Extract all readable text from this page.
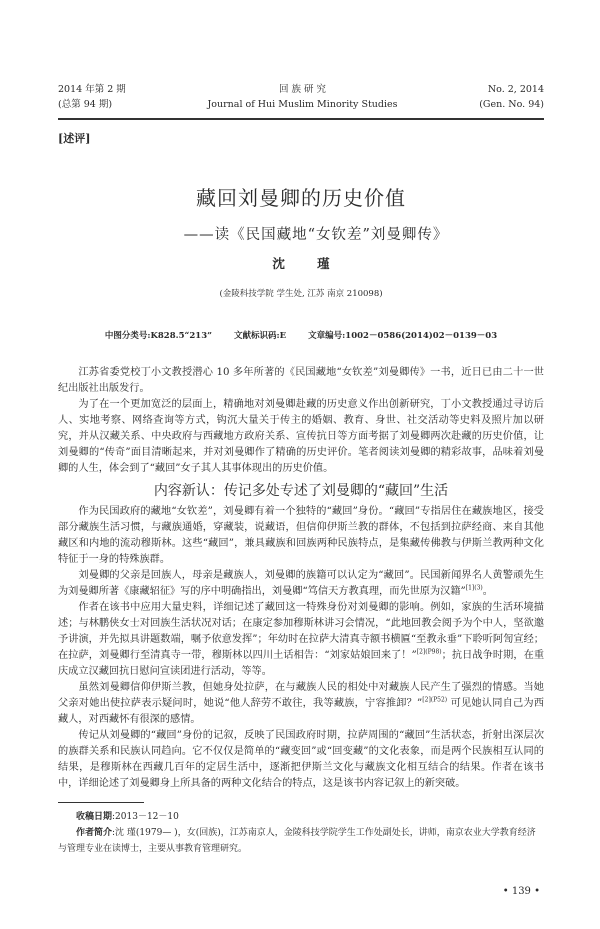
2014 年第 2 期
(总第 94 期)
回 族 研 究
Journal of Hui Muslim Minority Studies
No. 2, 2014
(Gen. No. 94)
[述评]
藏回刘曼卿的历史价值
——读《民国藏地“女钦差”刘曼卿传》
沈 瑾
(金陵科技学院 学生处, 江苏 南京 210098)
中图分类号:K828.5“213”	文献标识码:E	文章编号:1002－0586(2014)02－0139－03

江苏省委党校丁小文教授潜心 10 多年所著的《民国藏地“女钦差”刘曼卿传》一书，近日已由二十一世纪出版社出版发行。

为了在一个更加宽泛的层面上，精确地对刘曼卿赴藏的历史意义作出创新研究，丁小文教授通过寻访后人、实地考察、网络查询等方式，钩沉大量关于传主的婚姻、教育、身世、社交活动等史料及照片加以研究，并从汉藏关系、中央政府与西藏地方政府关系、宣传抗日等方面考据了刘曼卿两次赴藏的历史价值，让刘曼卿的“传奇”面目清晰起来，并对刘曼卿作了精确的历史评价。笔者阅读刘曼卿的精彩故事，品味着刘曼卿的人生，体会到了“藏回”女子其人其事体现出的历史价值。

内容新认：传记多处专述了刘曼卿的“藏回”生活

作为民国政府的藏地“女钦差”，刘曼卿有着一个独特的“藏回”身份。“藏回”专指居住在藏族地区，接受部分藏族生活习惯，与藏族通婚，穿藏装，说藏语，但信仰伊斯兰教的群体，不包括到拉萨经商、来自其他藏区和内地的流动穆斯林。这些“藏回”，兼具藏族和回族两种民族特点，是集藏传佛教与伊斯兰教两种文化特征于一身的特殊族群。

刘曼卿的父亲是回族人，母亲是藏族人，刘曼卿的族籍可以认定为“藏回”。民国新闻界名人黄警顽先生为刘曼卿所著《康藏轺征》写的序中明确指出，刘曼卿“笃信天方教真理，而先世原为汉籍”$^{[1](3)}$。

作者在该书中应用大量史料，详细记述了藏回这一特殊身份对刘曼卿的影响。例如，家族的生活环境描述；与林鹏侠女士对回族生活状况对话；在康定参加穆斯林讲习会情况，“此地回教会阅予为个中人，坚欲邀予讲演，并先拟具讲题数端，嘱予依意发挥”；年幼时在拉萨大清真寺额书横匾“至教永垂”下聆听阿訇宣经；在拉萨，刘曼卿行至清真寺一带，穆斯林以四川土话相告：“刘家姑娘回来了！”$^{[2](P98)}$；抗日战争时期，在重庆成立汉藏回抗日慰问宣读团进行活动，等等。

虽然刘曼卿信仰伊斯兰教，但她身处拉萨，在与藏族人民的相处中对藏族人民产生了强烈的情感。当她父亲对她出使拉萨表示疑问时，她说“他人辞劳不敢往，我等藏族，宁容推卸？”$^{[2](P52)}$ 可见她认同自己为西藏人，对西藏怀有很深的感情。

传记从刘曼卿的“藏回”身份的记叙，反映了民国政府时期，拉萨周围的“藏回”生活状态，折射出深层次的族群关系和民族认同趋向。它不仅仅是简单的“藏变回”或“回变藏”的文化表象，而是两个民族相互认同的结果，是穆斯林在西藏几百年的定居生活中，逐渐把伊斯兰文化与藏族文化相互结合的结果。作者在该书中，详细论述了刘曼卿身上所具备的两种文化结合的特点，这是该书内容记叙上的新突破。

收稿日期:2013－12－10

作者简介:沈 瑾(1979— )，女(回族)，江苏南京人，金陵科技学院学生工作处副处长，讲师，南京农业大学教育经济与管理专业在读博士，主要从事教育管理研究。

• 139 •
